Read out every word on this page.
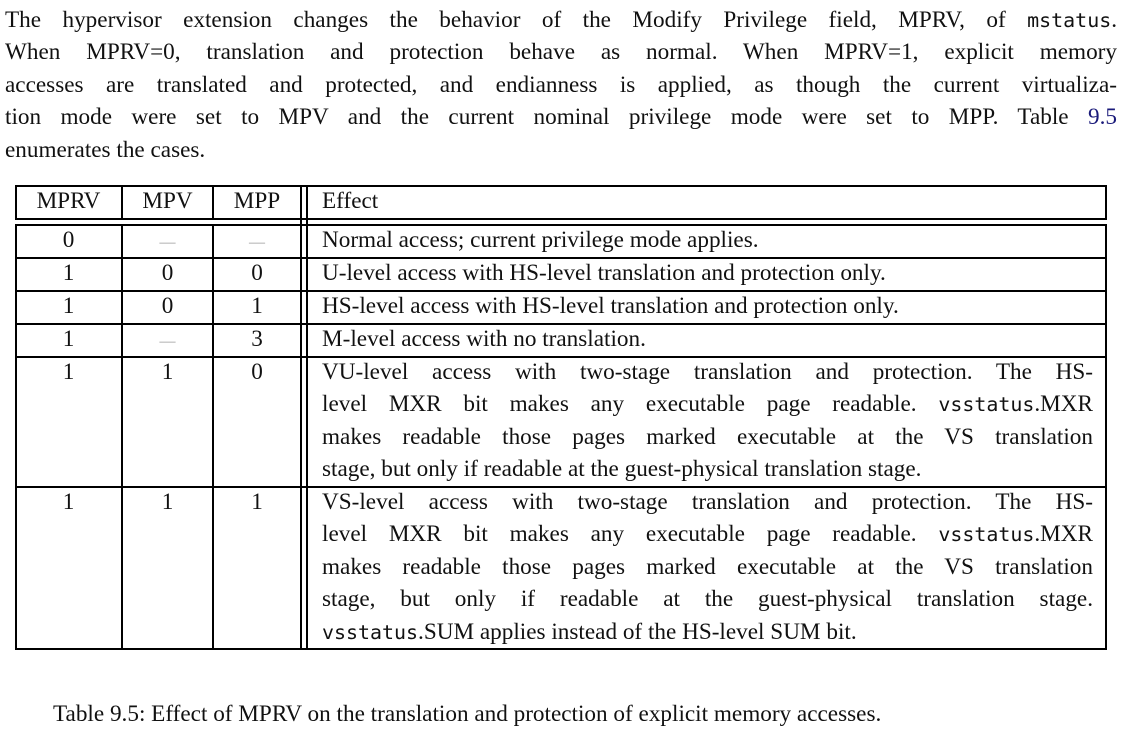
The hypervisor extension changes the behavior of the Modify Privilege field, MPRV, of mstatus.
When MPRV=0, translation and protection behave as normal. When MPRV=1, explicit memory
accesses are translated and protected, and endianness is applied, as though the current virtualiza-
tion mode were set to MPV and the current nominal privilege mode were set to MPP. Table 9.5
enumerates the cases.

MPRV	MPV	MPP	Effect
0	—	—	Normal access; current privilege mode applies.
1	0	0	U-level access with HS-level translation and protection only.
1	0	1	HS-level access with HS-level translation and protection only.
1	—	3	M-level access with no translation.
1	1	0	VU-level access with two-stage translation and protection. The HS-
level MXR bit makes any executable page readable. vsstatus.MXR
makes readable those pages marked executable at the VS translation
stage, but only if readable at the guest-physical translation stage.
1	1	1	VS-level access with two-stage translation and protection. The HS-
level MXR bit makes any executable page readable. vsstatus.MXR
makes readable those pages marked executable at the VS translation
stage, but only if readable at the guest-physical translation stage.
vsstatus.SUM applies instead of the HS-level SUM bit.
Table 9.5: Effect of MPRV on the translation and protection of explicit memory accesses.
